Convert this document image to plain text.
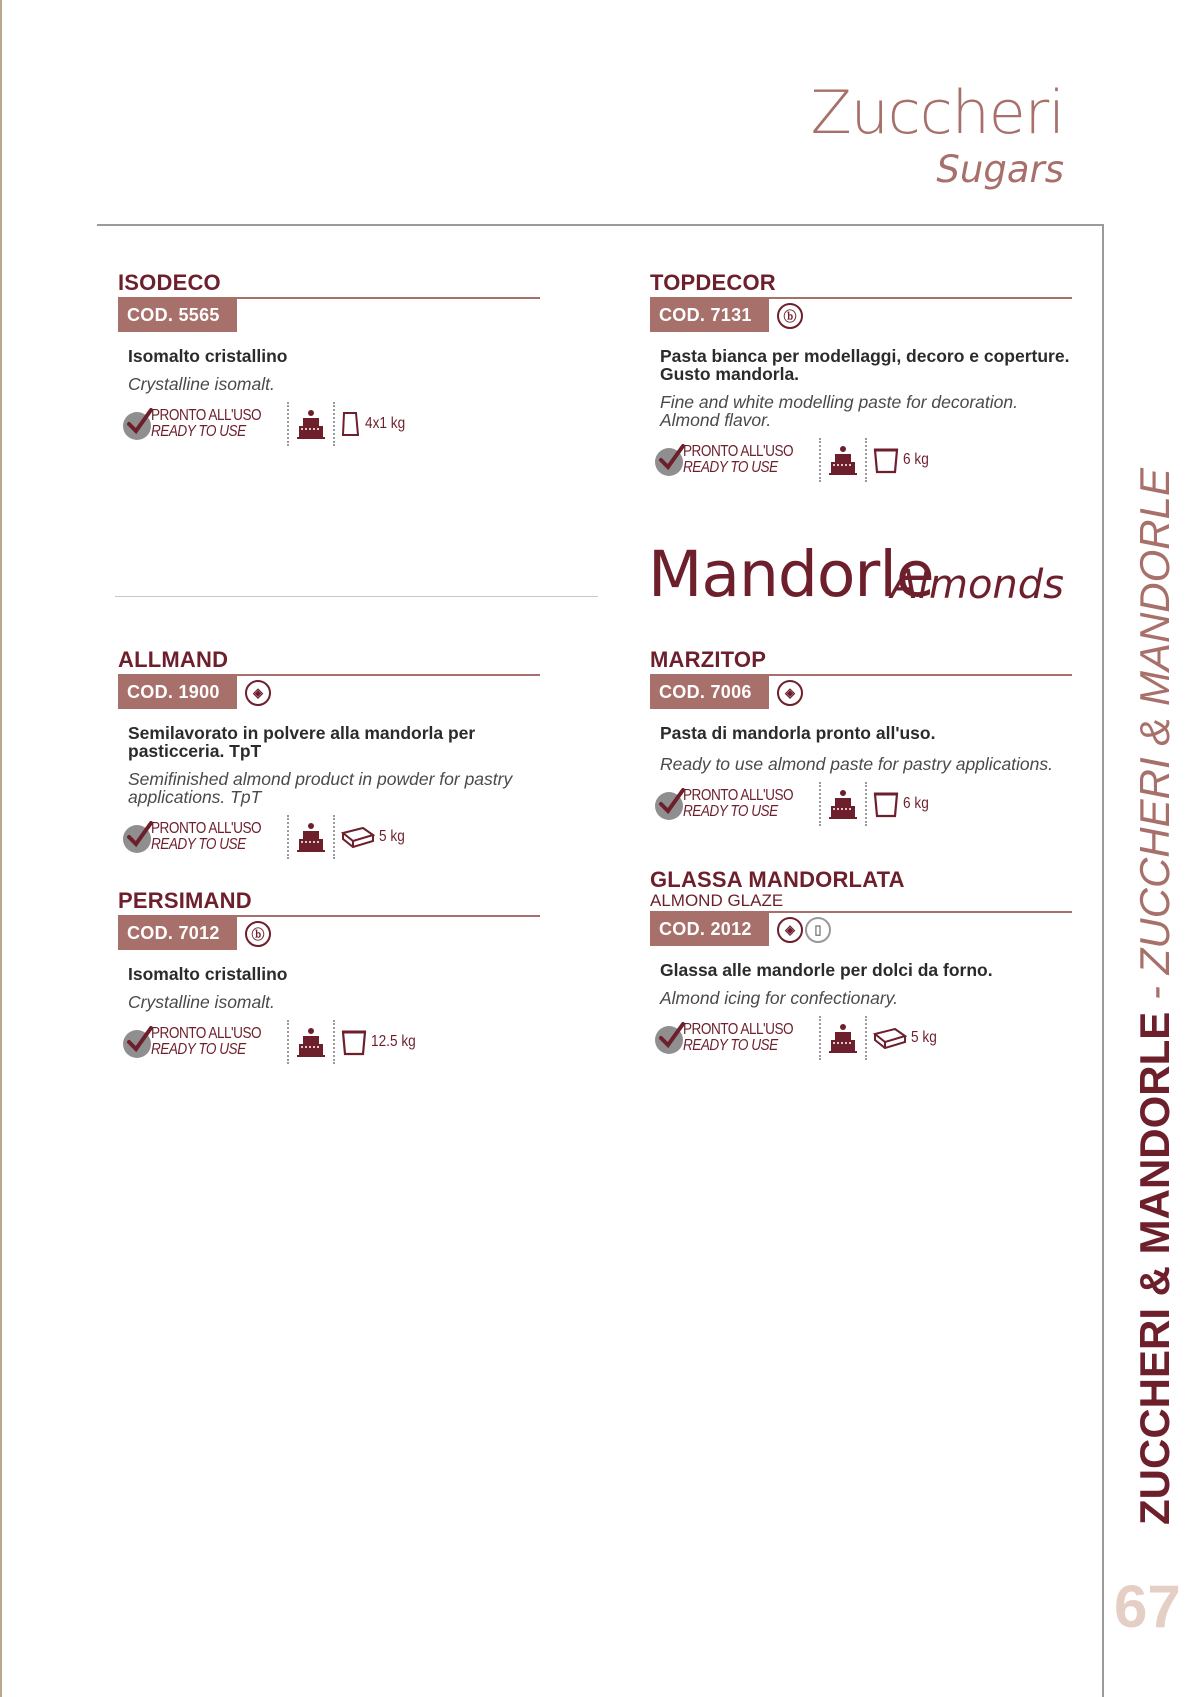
Zuccheri
Sugars
ZUCCHERI & MANDORLE - ZUCCHERI & MANDORLE
67
Mandorle
Almonds
ISODECO
COD. 5565
Isomalto cristallino
Crystalline isomalt.
PRONTO ALL'USO
READY TO USE	4x1 kg
TOPDECOR
COD. 7131	ⓑ
Pasta bianca per modellaggi, decoro e coperture. Gusto mandorla.
Fine and white modelling paste for decoration. Almond flavor.
PRONTO ALL'USO
READY TO USE	6 kg
ALLMAND
COD. 1900	◈
Semilavorato in polvere alla mandorla per pasticceria. TpT
Semifinished almond product in powder for pastry applications. TpT
PRONTO ALL'USO
READY TO USE	5 kg
PERSIMAND
COD. 7012	ⓑ
Isomalto cristallino
Crystalline isomalt.
PRONTO ALL'USO
READY TO USE	12.5 kg
MARZITOP
COD. 7006	◈
Pasta di mandorla pronto all'uso.
Ready to use almond paste for pastry applications.
PRONTO ALL'USO
READY TO USE	6 kg
GLASSA MANDORLATA
ALMOND GLAZE
COD. 2012	◈	▯
Glassa alle mandorle per dolci da forno.
Almond icing for confectionary.
PRONTO ALL'USO
READY TO USE	5 kg
